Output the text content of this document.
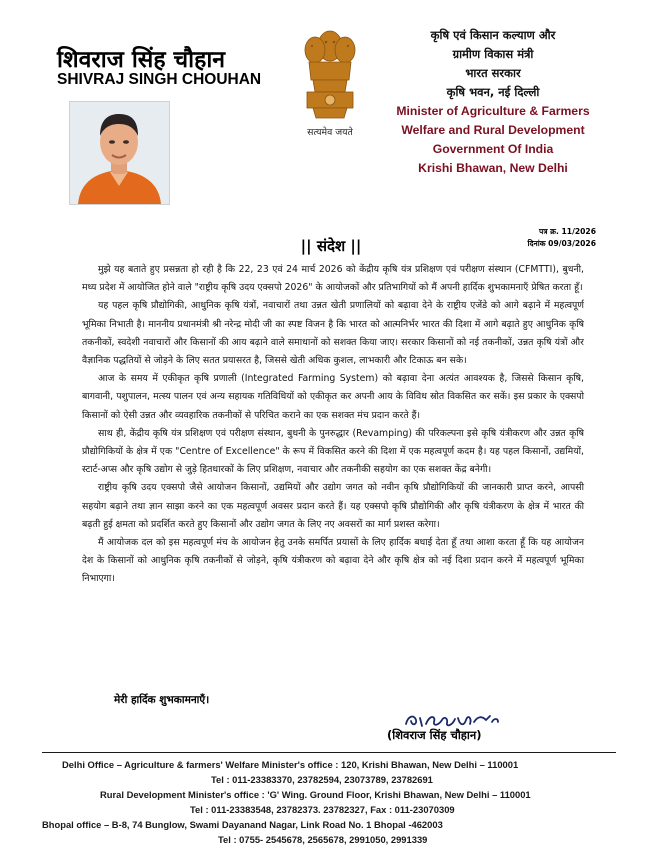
शिवराज सिंह चौहान
SHIVRAJ SINGH CHOUHAN
सत्यमेव जयते
कृषि एवं किसान कल्याण और
ग्रामीण विकास मंत्री
भारत सरकार
कृषि भवन, नई दिल्ली
Minister of Agriculture & Farmers
Welfare and Rural Development
Government Of India
Krishi Bhawan, New Delhi
पत्र क्र. 11/2026
दिनांक 09/03/2026
|| संदेश ||

मुझे यह बताते हुए प्रसन्नता हो रही है कि 22, 23 एवं 24 मार्च 2026 को केंद्रीय कृषि यंत्र प्रशिक्षण एवं परीक्षण संस्थान (CFMTTI), बुधनी, मध्य प्रदेश में आयोजित होने वाले "राष्ट्रीय कृषि उदय एक्सपो 2026" के आयोजकों और प्रतिभागियों को मैं अपनी हार्दिक शुभकामनाएँ प्रेषित करता हूँ।

यह पहल कृषि प्रौद्योगिकी, आधुनिक कृषि यंत्रों, नवाचारों तथा उन्नत खेती प्रणालियों को बढ़ावा देने के राष्ट्रीय एजेंडे को आगे बढ़ाने में महत्वपूर्ण भूमिका निभाती है। माननीय प्रधानमंत्री श्री नरेन्द्र मोदी जी का स्पष्ट विजन है कि भारत को आत्मनिर्भर भारत की दिशा में आगे बढ़ाते हुए आधुनिक कृषि तकनीकों, स्वदेशी नवाचारों और किसानों की आय बढ़ाने वाले समाधानों को सशक्त किया जाए। सरकार किसानों को नई तकनीकों, उन्नत कृषि यंत्रों और वैज्ञानिक पद्धतियों से जोड़ने के लिए सतत प्रयासरत है, जिससे खेती अधिक कुशल, लाभकारी और टिकाऊ बन सके।

आज के समय में एकीकृत कृषि प्रणाली (Integrated Farming System) को बढ़ावा देना अत्यंत आवश्यक है, जिससे किसान कृषि, बागवानी, पशुपालन, मत्स्य पालन एवं अन्य सहायक गतिविधियों को एकीकृत कर अपनी आय के विविध स्रोत विकसित कर सकें। इस प्रकार के एक्सपो किसानों को ऐसी उन्नत और व्यवहारिक तकनीकों से परिचित कराने का एक सशक्त मंच प्रदान करते हैं।

साथ ही, केंद्रीय कृषि यंत्र प्रशिक्षण एवं परीक्षण संस्थान, बुधनी के पुनरुद्धार (Revamping) की परिकल्पना इसे कृषि यंत्रीकरण और उन्नत कृषि प्रौद्योगिकियों के क्षेत्र में एक "Centre of Excellence" के रूप में विकसित करने की दिशा में एक महत्वपूर्ण कदम है। यह पहल किसानों, उद्यमियों, स्टार्ट-अप्स और कृषि उद्योग से जुड़े हितधारकों के लिए प्रशिक्षण, नवाचार और तकनीकी सहयोग का एक सशक्त केंद्र बनेगी।

राष्ट्रीय कृषि उदय एक्सपो जैसे आयोजन किसानों, उद्यमियों और उद्योग जगत को नवीन कृषि प्रौद्योगिकियों की जानकारी प्राप्त करने, आपसी सहयोग बढ़ाने तथा ज्ञान साझा करने का एक महत्वपूर्ण अवसर प्रदान करते हैं। यह एक्सपो कृषि प्रौद्योगिकी और कृषि यंत्रीकरण के क्षेत्र में भारत की बढ़ती हुई क्षमता को प्रदर्शित करते हुए किसानों और उद्योग जगत के लिए नए अवसरों का मार्ग प्रशस्त करेगा।

मैं आयोजक दल को इस महत्वपूर्ण मंच के आयोजन हेतु उनके समर्पित प्रयासों के लिए हार्दिक बधाई देता हूँ तथा आशा करता हूँ कि यह आयोजन देश के किसानों को आधुनिक कृषि तकनीकों से जोड़ने, कृषि यंत्रीकरण को बढ़ावा देने और कृषि क्षेत्र को नई दिशा प्रदान करने में महत्वपूर्ण भूमिका निभाएगा।

मेरी हार्दिक शुभकामनाएँ।
(शिवराज सिंह चौहान)
Delhi Office – Agriculture & farmers' Welfare Minister's office : 120, Krishi Bhawan, New Delhi – 110001
Tel : 011-23383370, 23782594, 23073789, 23782691
Rural Development Minister's office : 'G' Wing. Ground Floor, Krishi Bhawan, New Delhi – 110001
Tel : 011-23383548, 23782373. 23782327, Fax : 011-23070309
Bhopal office – B-8, 74 Bunglow, Swami Dayanand Nagar, Link Road No. 1 Bhopal -462003
Tel : 0755- 2545678, 2565678, 2991050, 2991339
